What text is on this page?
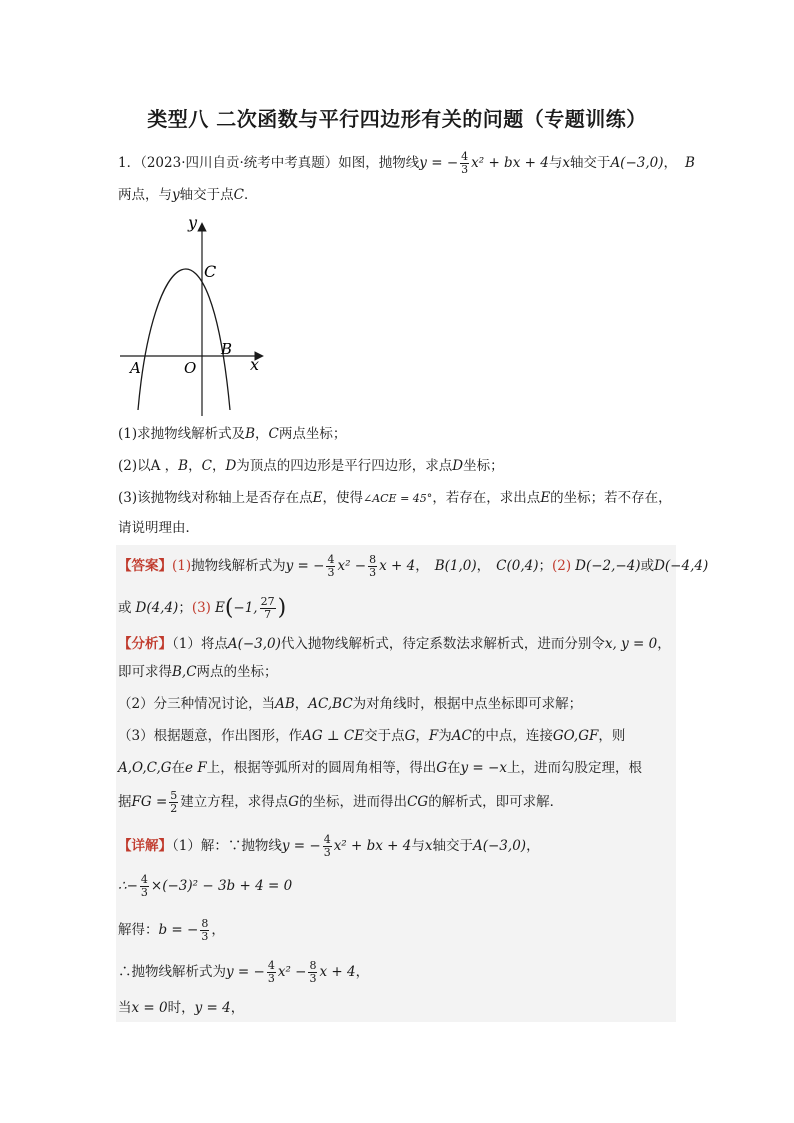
类型八 二次函数与平行四边形有关的问题（专题训练）
1．（2023·四川自贡·统考中考真题）如图，抛物线y = − $\frac{4}{3} x^2$ + bx + 4与x轴交于A(−3,0)， B
两点，与y轴交于点C．
y
C
B
A	O	x
(1)求抛物线解析式及B，C两点坐标；
(2)以A ，B，C，D为顶点的四边形是平行四边形，求点D坐标；
(3)该抛物线对称轴上是否存在点E，使得∠ACE = 45°，若存在，求出点E的坐标；若不存在，
请说明理由．
【答案】(1)抛物线解析式为y = − $\frac{4}{3} x^2 - \frac{8}{3}$ x + 4， B(1,0)， C(0,4)；(2) D(−2,−4)或D(−4,4)
或 D(4,4)；(3) E(−1, $\frac{27}{7}$ )
【分析】（1）将点A(−3,0)代入抛物线解析式，待定系数法求解析式，进而分别令x, y = 0，
即可求得B,C两点的坐标；
（2）分三种情况讨论，当AB，AC,BC为对角线时，根据中点坐标即可求解；
（3）根据题意，作出图形，作AG ⊥ CE交于点G，F为AC的中点，连接GO,GF，则
A,O,C,G在e F上，根据等弧所对的圆周角相等，得出G在y = −x上，进而勾股定理，根
据FG = $\frac{5}{2}$ 建立方程，求得点G的坐标，进而得出CG的解析式，即可求解．
【详解】（1）解：∵抛物线y = − $\frac{4}{3} x^2$ + bx + 4与x轴交于A(−3,0)，
∴− $\frac{4}{3} \times(-3)^2 - 3b + 4 = 0$
解得：b = − $\frac{8}{3}$ ，
∴抛物线解析式为y = − $\frac{4}{3} x^2 - \frac{8}{3}$ x + 4，
当x = 0时，y = 4，
